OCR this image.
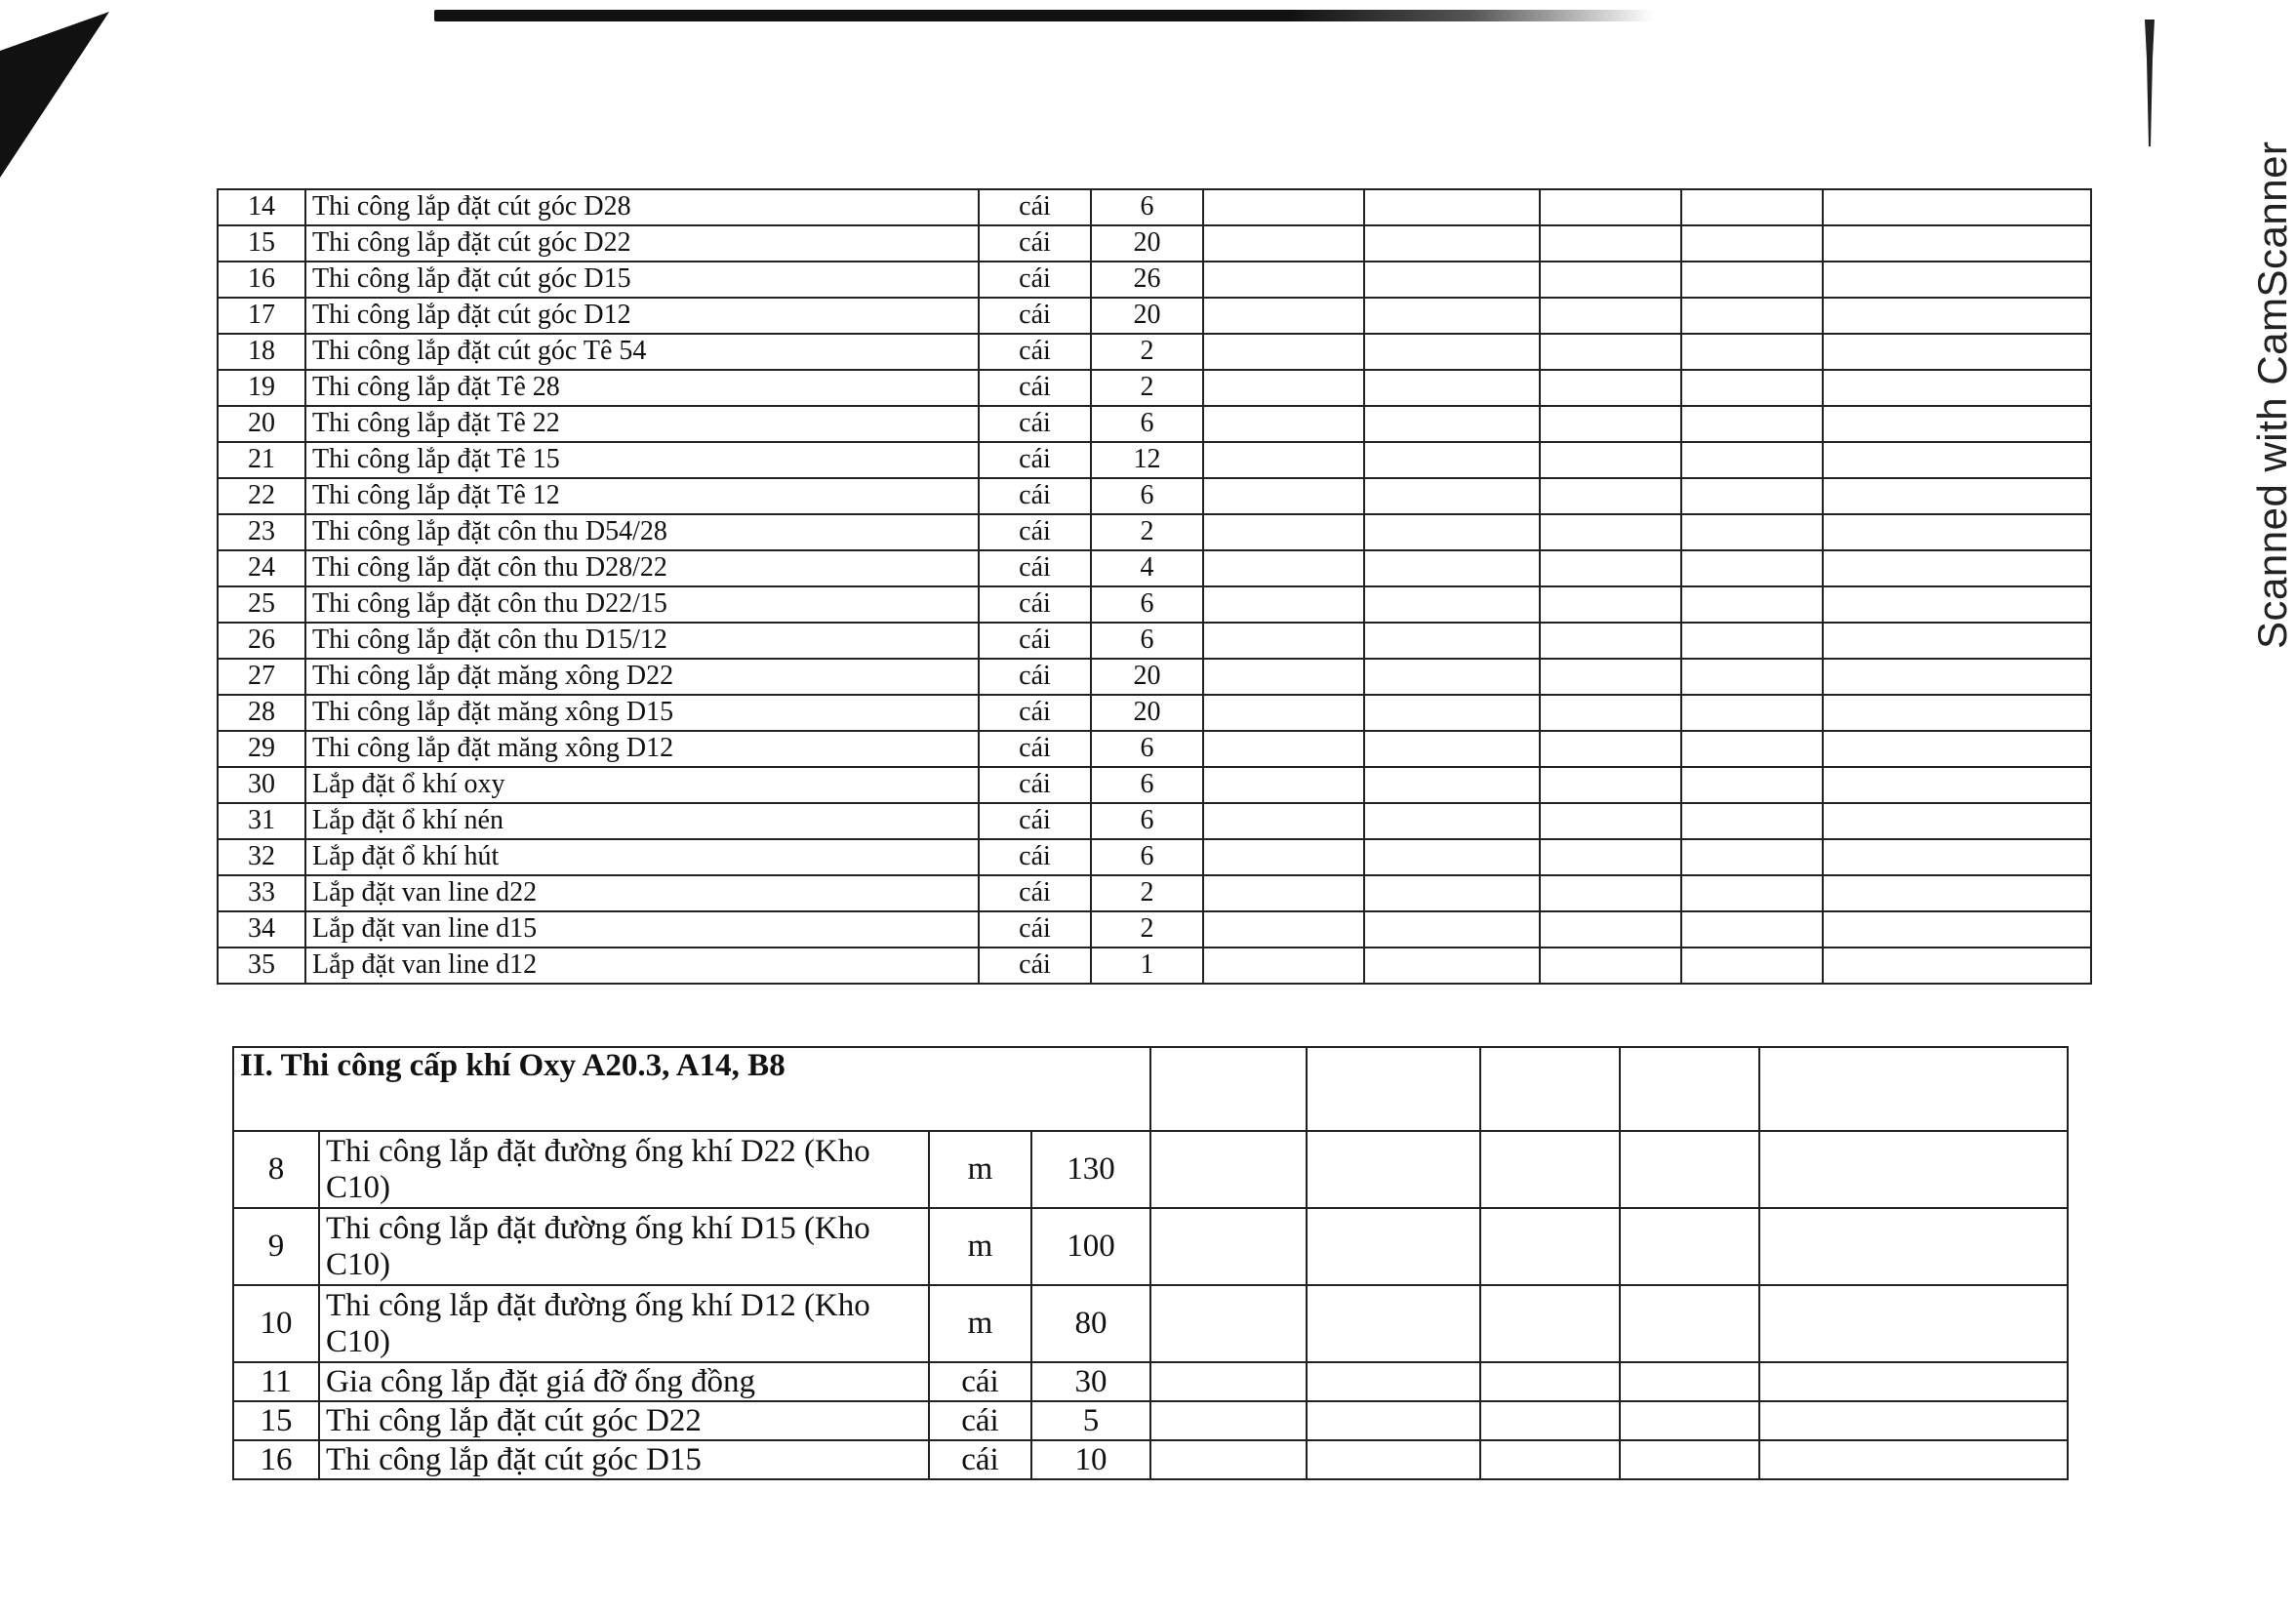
Scanned with CamScanner
14	Thi công lắp đặt cút góc D28	cái	6					
15	Thi công lắp đặt cút góc D22	cái	20					
16	Thi công lắp đặt cút góc D15	cái	26					
17	Thi công lắp đặt cút góc D12	cái	20					
18	Thi công lắp đặt cút góc Tê 54	cái	2					
19	Thi công lắp đặt Tê 28	cái	2					
20	Thi công lắp đặt Tê 22	cái	6					
21	Thi công lắp đặt Tê 15	cái	12					
22	Thi công lắp đặt Tê 12	cái	6					
23	Thi công lắp đặt côn thu D54/28	cái	2					
24	Thi công lắp đặt côn thu D28/22	cái	4					
25	Thi công lắp đặt côn thu D22/15	cái	6					
26	Thi công lắp đặt côn thu D15/12	cái	6					
27	Thi công lắp đặt măng xông D22	cái	20					
28	Thi công lắp đặt măng xông D15	cái	20					
29	Thi công lắp đặt măng xông D12	cái	6					
30	Lắp đặt ổ khí oxy	cái	6					
31	Lắp đặt ổ khí nén	cái	6					
32	Lắp đặt ổ khí hút	cái	6					
33	Lắp đặt van line d22	cái	2					
34	Lắp đặt van line d15	cái	2					
35	Lắp đặt van line d12	cái	1					
II. Thi công cấp khí Oxy A20.3, A14, B8								
8	Thi công lắp đặt đường ống khí D22 (Kho C10)	m	130					
9	Thi công lắp đặt đường ống khí D15 (Kho C10)	m	100					
10	Thi công lắp đặt đường ống khí D12 (Kho C10)	m	80					
11	Gia công lắp đặt giá đỡ ống đồng	cái	30					
15	Thi công lắp đặt cút góc D22	cái	5					
16	Thi công lắp đặt cút góc D15	cái	10					
